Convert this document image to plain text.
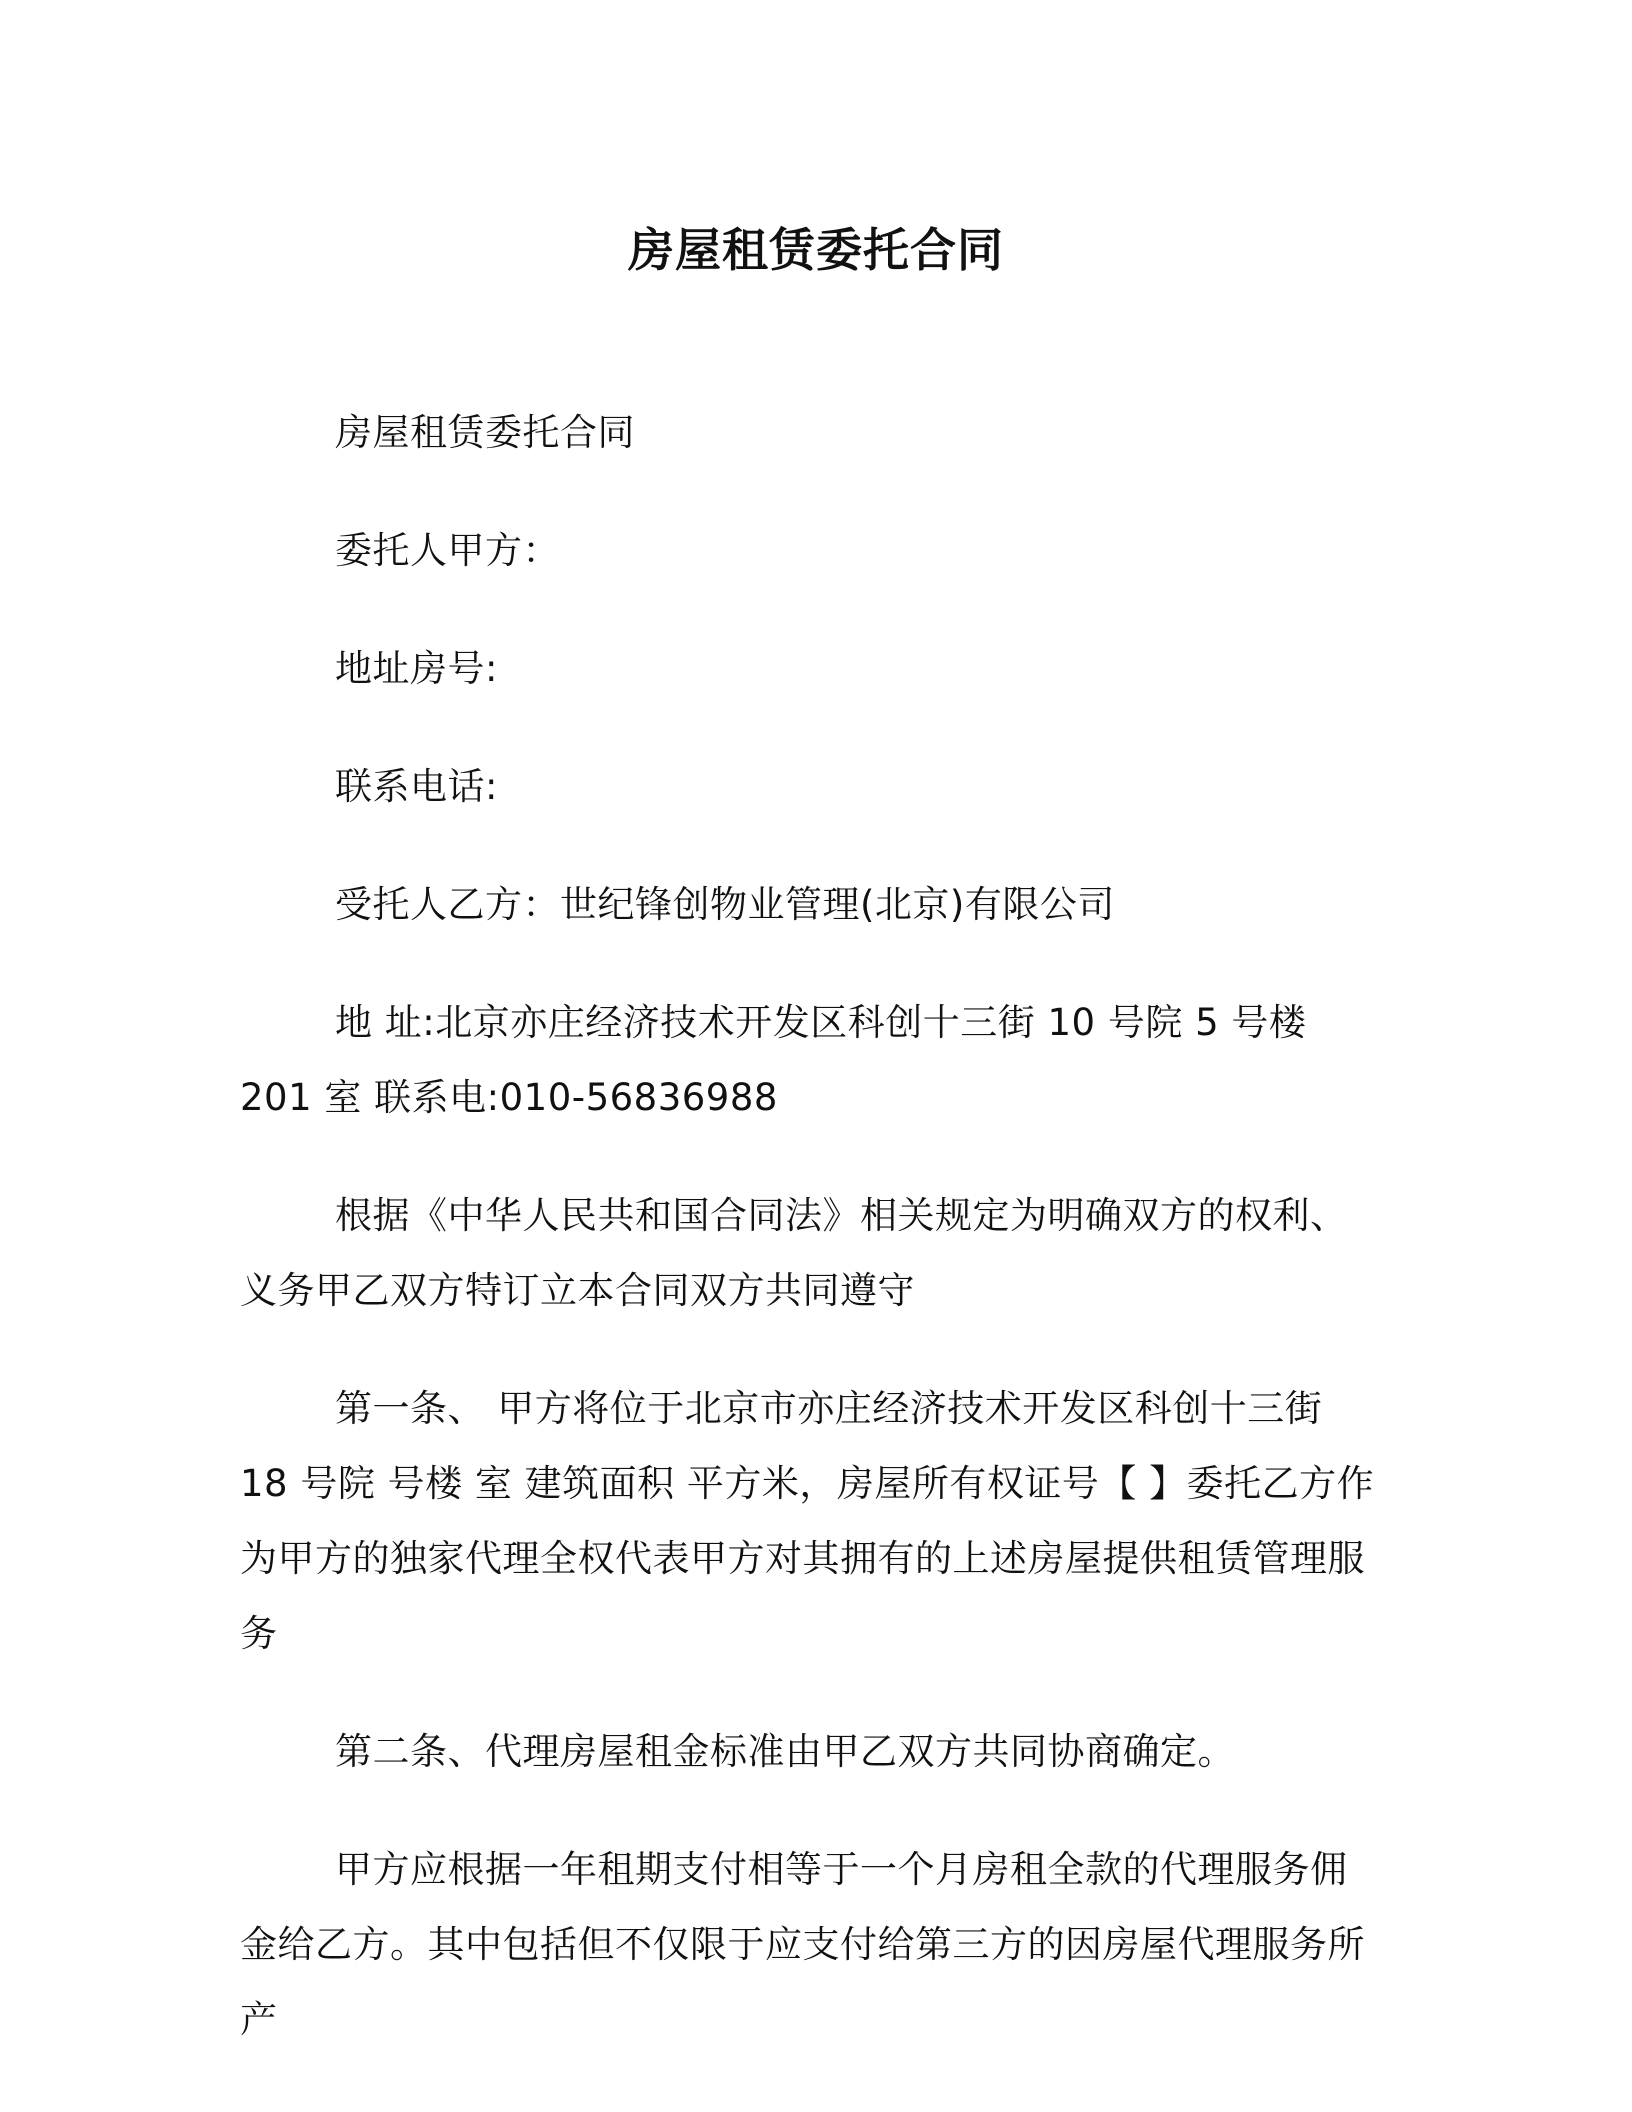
房屋租赁委托合同

房屋租赁委托合同

委托人甲方：

地址房号:

联系电话:

受托人乙方：世纪锋创物业管理(北京)有限公司

地 址:北京亦庄经济技术开发区科创十三街 10 号院 5 号楼 201 室 联系电:010-56836988

根据《中华人民共和国合同法》相关规定为明确双方的权利、义务甲乙双方特订立本合同双方共同遵守

第一条、 甲方将位于北京市亦庄经济技术开发区科创十三街 18 号院 号楼 室 建筑面积 平方米，房屋所有权证号【 】委托乙方作为甲方的独家代理全权代表甲方对其拥有的上述房屋提供租赁管理服务

第二条、代理房屋租金标准由甲乙双方共同协商确定。

甲方应根据一年租期支付相等于一个月房租全款的代理服务佣金给乙方。其中包括但不仅限于应支付给第三方的因房屋代理服务所产
